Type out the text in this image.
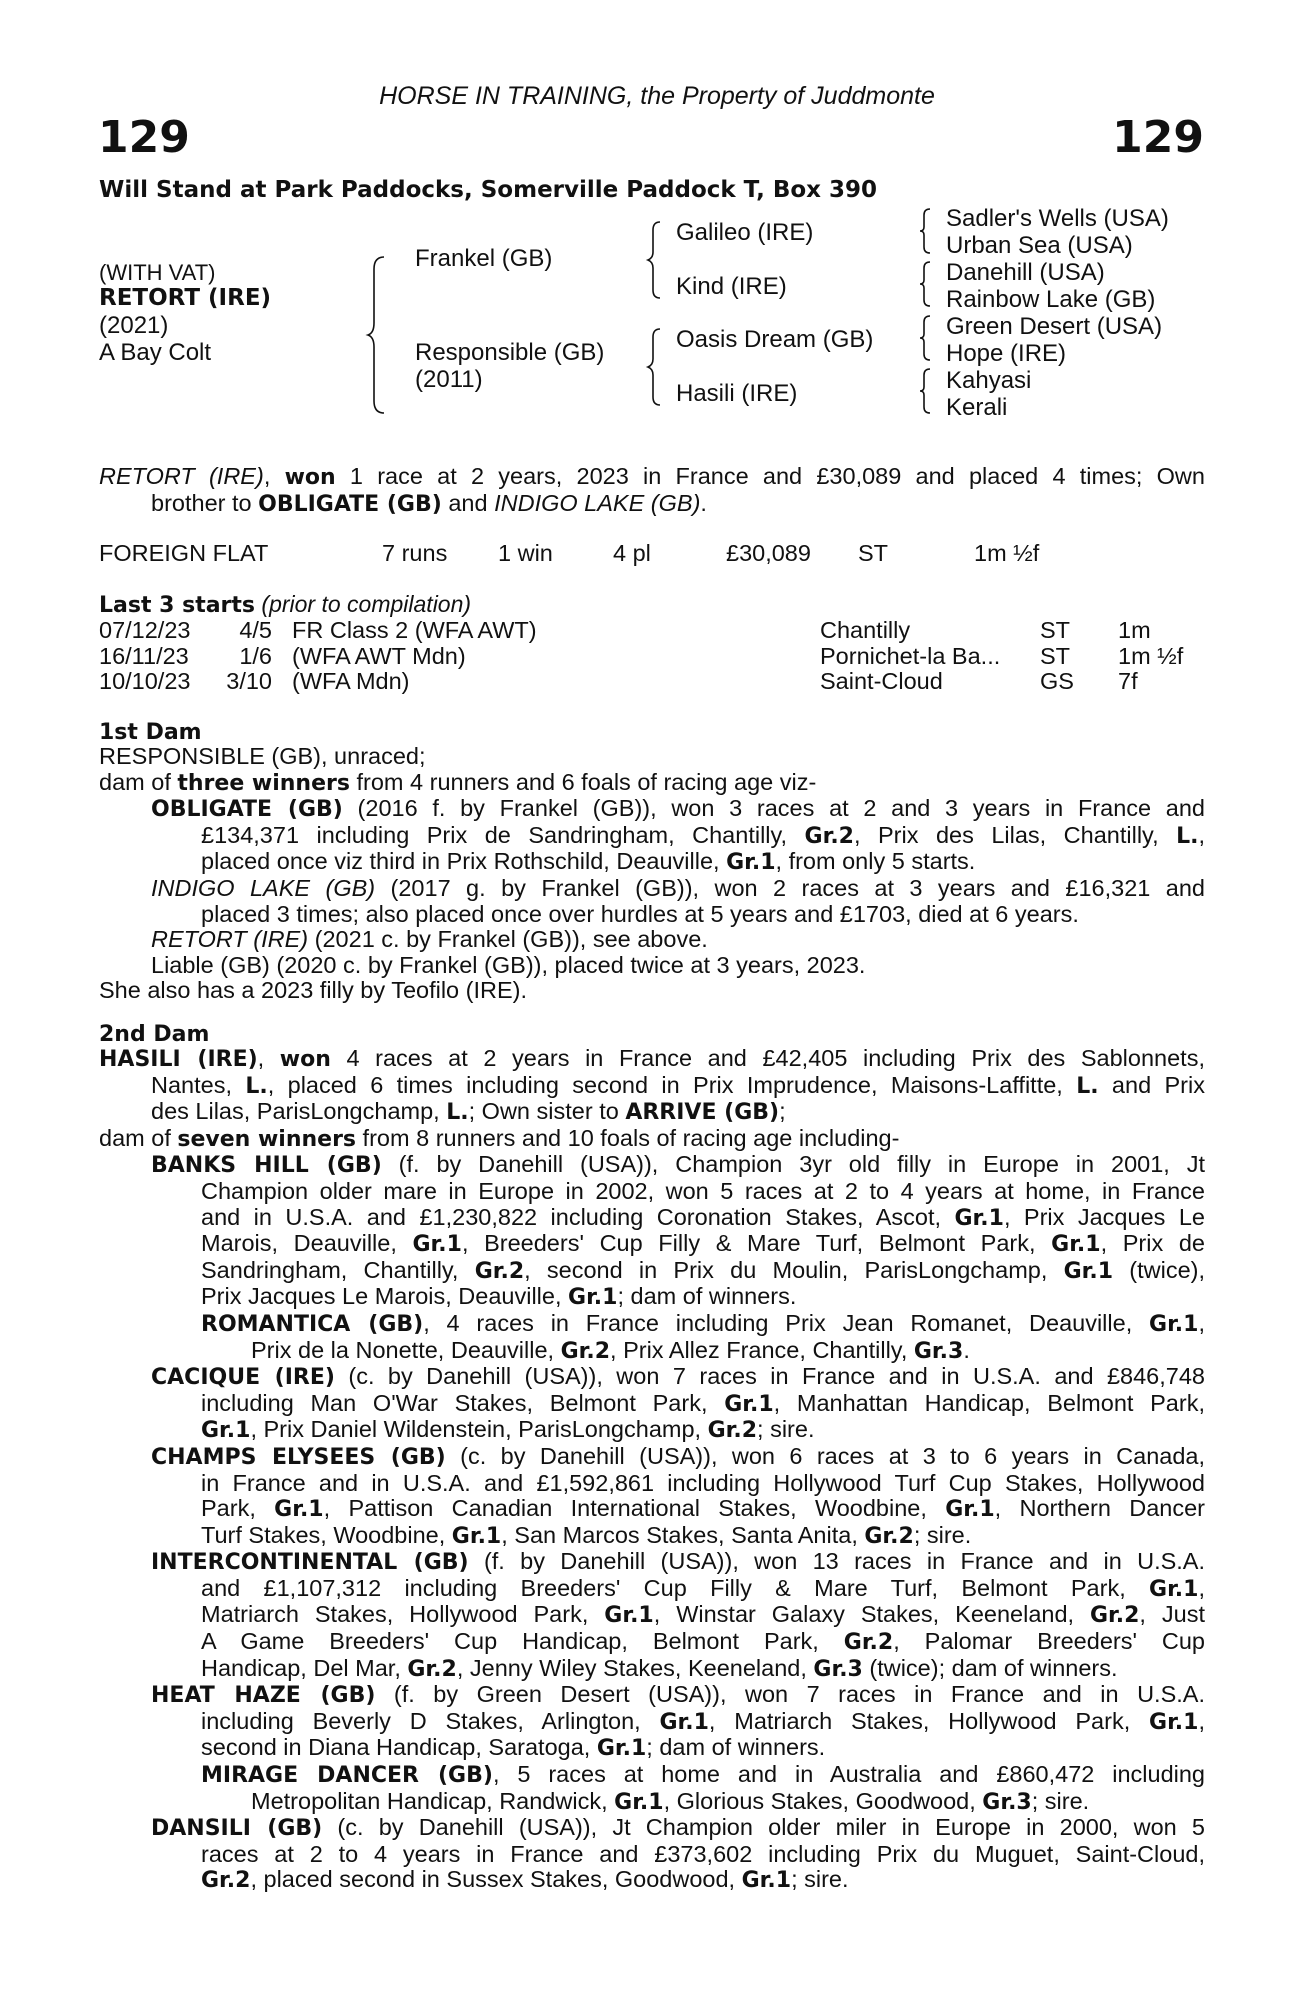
HORSE IN TRAINING, the Property of Juddmonte
129	129
Will Stand at Park Paddocks, Somerville Paddock T, Box 390
(WITH VAT)
RETORT (IRE)
(2021)
A Bay Colt
Frankel (GB)
Responsible (GB)
(2011)
Galileo (IRE)
Kind (IRE)
Oasis Dream (GB)
Hasili (IRE)
Sadler's Wells (USA)
Urban Sea (USA)
Danehill (USA)
Rainbow Lake (GB)
Green Desert (USA)
Hope (IRE)
Kahyasi
Kerali
RETORT (IRE), won 1 race at 2 years, 2023 in France and £30,089 and placed 4 times; Own
brother to OBLIGATE (GB) and INDIGO LAKE (GB).
FOREIGN FLAT	7 runs 1 win	4 pl	£30,089 ST	1m ½f
Last 3 starts (prior to compilation)
07/12/23 4/5 FR Class 2 (WFA AWT)	Chantilly	ST 1m
16/11/23 1/6 (WFA AWT Mdn)	Pornichet-la Ba... ST 1m ½f
10/10/23 3/10 (WFA Mdn)	Saint-Cloud	GS 7f
1st Dam
RESPONSIBLE (GB), unraced;
dam of three winners from 4 runners and 6 foals of racing age viz-
OBLIGATE (GB) (2016 f. by Frankel (GB)), won 3 races at 2 and 3 years in France and
£134,371 including Prix de Sandringham, Chantilly, Gr.2, Prix des Lilas, Chantilly, L.,
placed once viz third in Prix Rothschild, Deauville, Gr.1, from only 5 starts.
INDIGO LAKE (GB) (2017 g. by Frankel (GB)), won 2 races at 3 years and £16,321 and
placed 3 times; also placed once over hurdles at 5 years and £1703, died at 6 years.
RETORT (IRE) (2021 c. by Frankel (GB)), see above.
Liable (GB) (2020 c. by Frankel (GB)), placed twice at 3 years, 2023.
She also has a 2023 filly by Teofilo (IRE).
2nd Dam
HASILI (IRE), won 4 races at 2 years in France and £42,405 including Prix des Sablonnets,
Nantes, L., placed 6 times including second in Prix Imprudence, Maisons-Laffitte, L. and Prix
des Lilas, ParisLongchamp, L.; Own sister to ARRIVE (GB);
dam of seven winners from 8 runners and 10 foals of racing age including-
BANKS HILL (GB) (f. by Danehill (USA)), Champion 3yr old filly in Europe in 2001, Jt
Champion older mare in Europe in 2002, won 5 races at 2 to 4 years at home, in France
and in U.S.A. and £1,230,822 including Coronation Stakes, Ascot, Gr.1, Prix Jacques Le
Marois, Deauville, Gr.1, Breeders' Cup Filly & Mare Turf, Belmont Park, Gr.1, Prix de
Sandringham, Chantilly, Gr.2, second in Prix du Moulin, ParisLongchamp, Gr.1 (twice),
Prix Jacques Le Marois, Deauville, Gr.1; dam of winners.
ROMANTICA (GB), 4 races in France including Prix Jean Romanet, Deauville, Gr.1,
Prix de la Nonette, Deauville, Gr.2, Prix Allez France, Chantilly, Gr.3.
CACIQUE (IRE) (c. by Danehill (USA)), won 7 races in France and in U.S.A. and £846,748
including Man O'War Stakes, Belmont Park, Gr.1, Manhattan Handicap, Belmont Park,
Gr.1, Prix Daniel Wildenstein, ParisLongchamp, Gr.2; sire.
CHAMPS ELYSEES (GB) (c. by Danehill (USA)), won 6 races at 3 to 6 years in Canada,
in France and in U.S.A. and £1,592,861 including Hollywood Turf Cup Stakes, Hollywood
Park, Gr.1, Pattison Canadian International Stakes, Woodbine, Gr.1, Northern Dancer
Turf Stakes, Woodbine, Gr.1, San Marcos Stakes, Santa Anita, Gr.2; sire.
INTERCONTINENTAL (GB) (f. by Danehill (USA)), won 13 races in France and in U.S.A.
and £1,107,312 including Breeders' Cup Filly & Mare Turf, Belmont Park, Gr.1,
Matriarch Stakes, Hollywood Park, Gr.1, Winstar Galaxy Stakes, Keeneland, Gr.2, Just
A Game Breeders' Cup Handicap, Belmont Park, Gr.2, Palomar Breeders' Cup
Handicap, Del Mar, Gr.2, Jenny Wiley Stakes, Keeneland, Gr.3 (twice); dam of winners.
HEAT HAZE (GB) (f. by Green Desert (USA)), won 7 races in France and in U.S.A.
including Beverly D Stakes, Arlington, Gr.1, Matriarch Stakes, Hollywood Park, Gr.1,
second in Diana Handicap, Saratoga, Gr.1; dam of winners.
MIRAGE DANCER (GB), 5 races at home and in Australia and £860,472 including
Metropolitan Handicap, Randwick, Gr.1, Glorious Stakes, Goodwood, Gr.3; sire.
DANSILI (GB) (c. by Danehill (USA)), Jt Champion older miler in Europe in 2000, won 5
races at 2 to 4 years in France and £373,602 including Prix du Muguet, Saint-Cloud,
Gr.2, placed second in Sussex Stakes, Goodwood, Gr.1; sire.
